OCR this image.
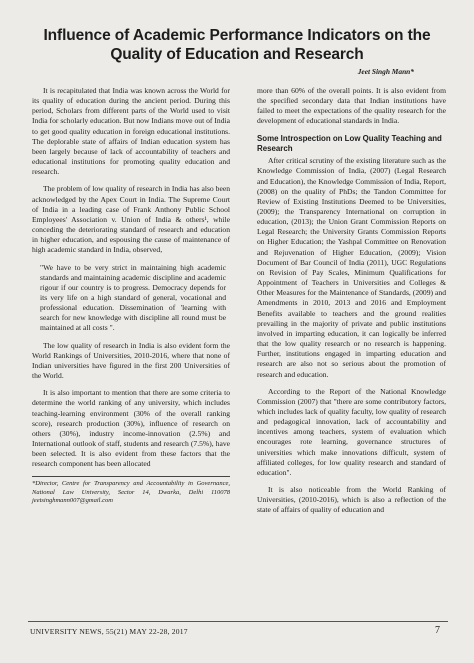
Influence of Academic Performance Indicators on the
Quality of Education and Research
Jeet Singh Mann*

It is recapitulated that India was known across the World for its quality of education during the ancient period. During this period, Scholars from different parts of the World used to visit India for scholarly education. But now Indians move out of India to get good quality education in foreign educational institutions. The deplorable state of affairs of Indian education system has been largely because of lack of accountability of teachers and educational institutions for promoting quality education and research.

The problem of low quality of research in India has also been acknowledged by the Apex Court in India. The Supreme Court of India in a leading case of Frank Anthony Public School Employees' Association v. Union of India & others¹, while conceding the deteriorating standard of research and education in higher education, and espousing the cause of maintenance of high academic standard in India, observed,

"We have to be very strict in maintaining high academic standards and maintaining academic discipline and academic rigour if our country is to progress. Democracy depends for its very life on a high standard of general, vocational and professional education. Dissemination of 'learning with search for new knowledge with discipline all round must be maintained at all costs ".

The low quality of research in India is also evident form the World Rankings of Universities, 2010-2016, where that none of Indian universities have figured in the first 200 Universities of the World.

It is also important to mention that there are some criteria to determine the world ranking of any university, which includes teaching-learning environment (30% of the overall ranking score), research production (30%), influence of research on others (30%), industry income-innovation (2.5%) and International outlook of staff, students and research (7.5%), have been selected. It is also evident from these factors that the research component has been allocated

*Director, Centre for Transparency and Accountability in Governance, National Law University, Sector 14, Dwarka, Delhi 110078 jeetsinghmann007@gmail.com

more than 60% of the overall points. It is also evident from the specified secondary data that Indian institutions have failed to meet the expectations of the quality research for the development of educational standards in India.

Some Introspection on Low Quality Teaching and Research

After critical scrutiny of the existing literature such as the Knowledge Commission of India, (2007) (Legal Research and Education), the Knowledge Commission of India, Report, (2008) on the quality of PhDs; the Tandon Committee for Review of Existing Institutions Deemed to be Universities, (2009); the Transparency International on corruption in education, (2013); the Union Grant Commission Reports on Legal Research; the University Grants Commission Reports on Higher Education; the Yashpal Committee on Renovation and Rejuvenation of Higher Education, (2009); Vision Document of Bar Council of India (2011), UGC Regulations on Revision of Pay Scales, Minimum Qualifications for Appointment of Teachers in Universities and Colleges & Other Measures for the Maintenance of Standards, (2009) and Amendments in 2010, 2013 and 2016 and Employment Benefits available to teachers and the ground realities prevailing in the majority of private and public institutions involved in imparting education, it can logically be inferred that the low quality research or no research is happening. Further, institutions engaged in imparting education and research are also not so serious about the promotion of research and education.

According to the Report of the National Knowledge Commission (2007) that "there are some contributory factors, which includes lack of quality faculty, low quality of research and pedagogical innovation, lack of accountability and incentives among teachers, system of evaluation which encourages rote learning, governance structures of universities which make innovations difficult, system of affiliated colleges, for low quality research and standard of education".

It is also noticeable from the World Ranking of Universities, (2010-2016), which is also a reflection of the state of affairs of quality of education and

UNIVERSITY NEWS, 55(21) MAY 22-28, 2017	7
